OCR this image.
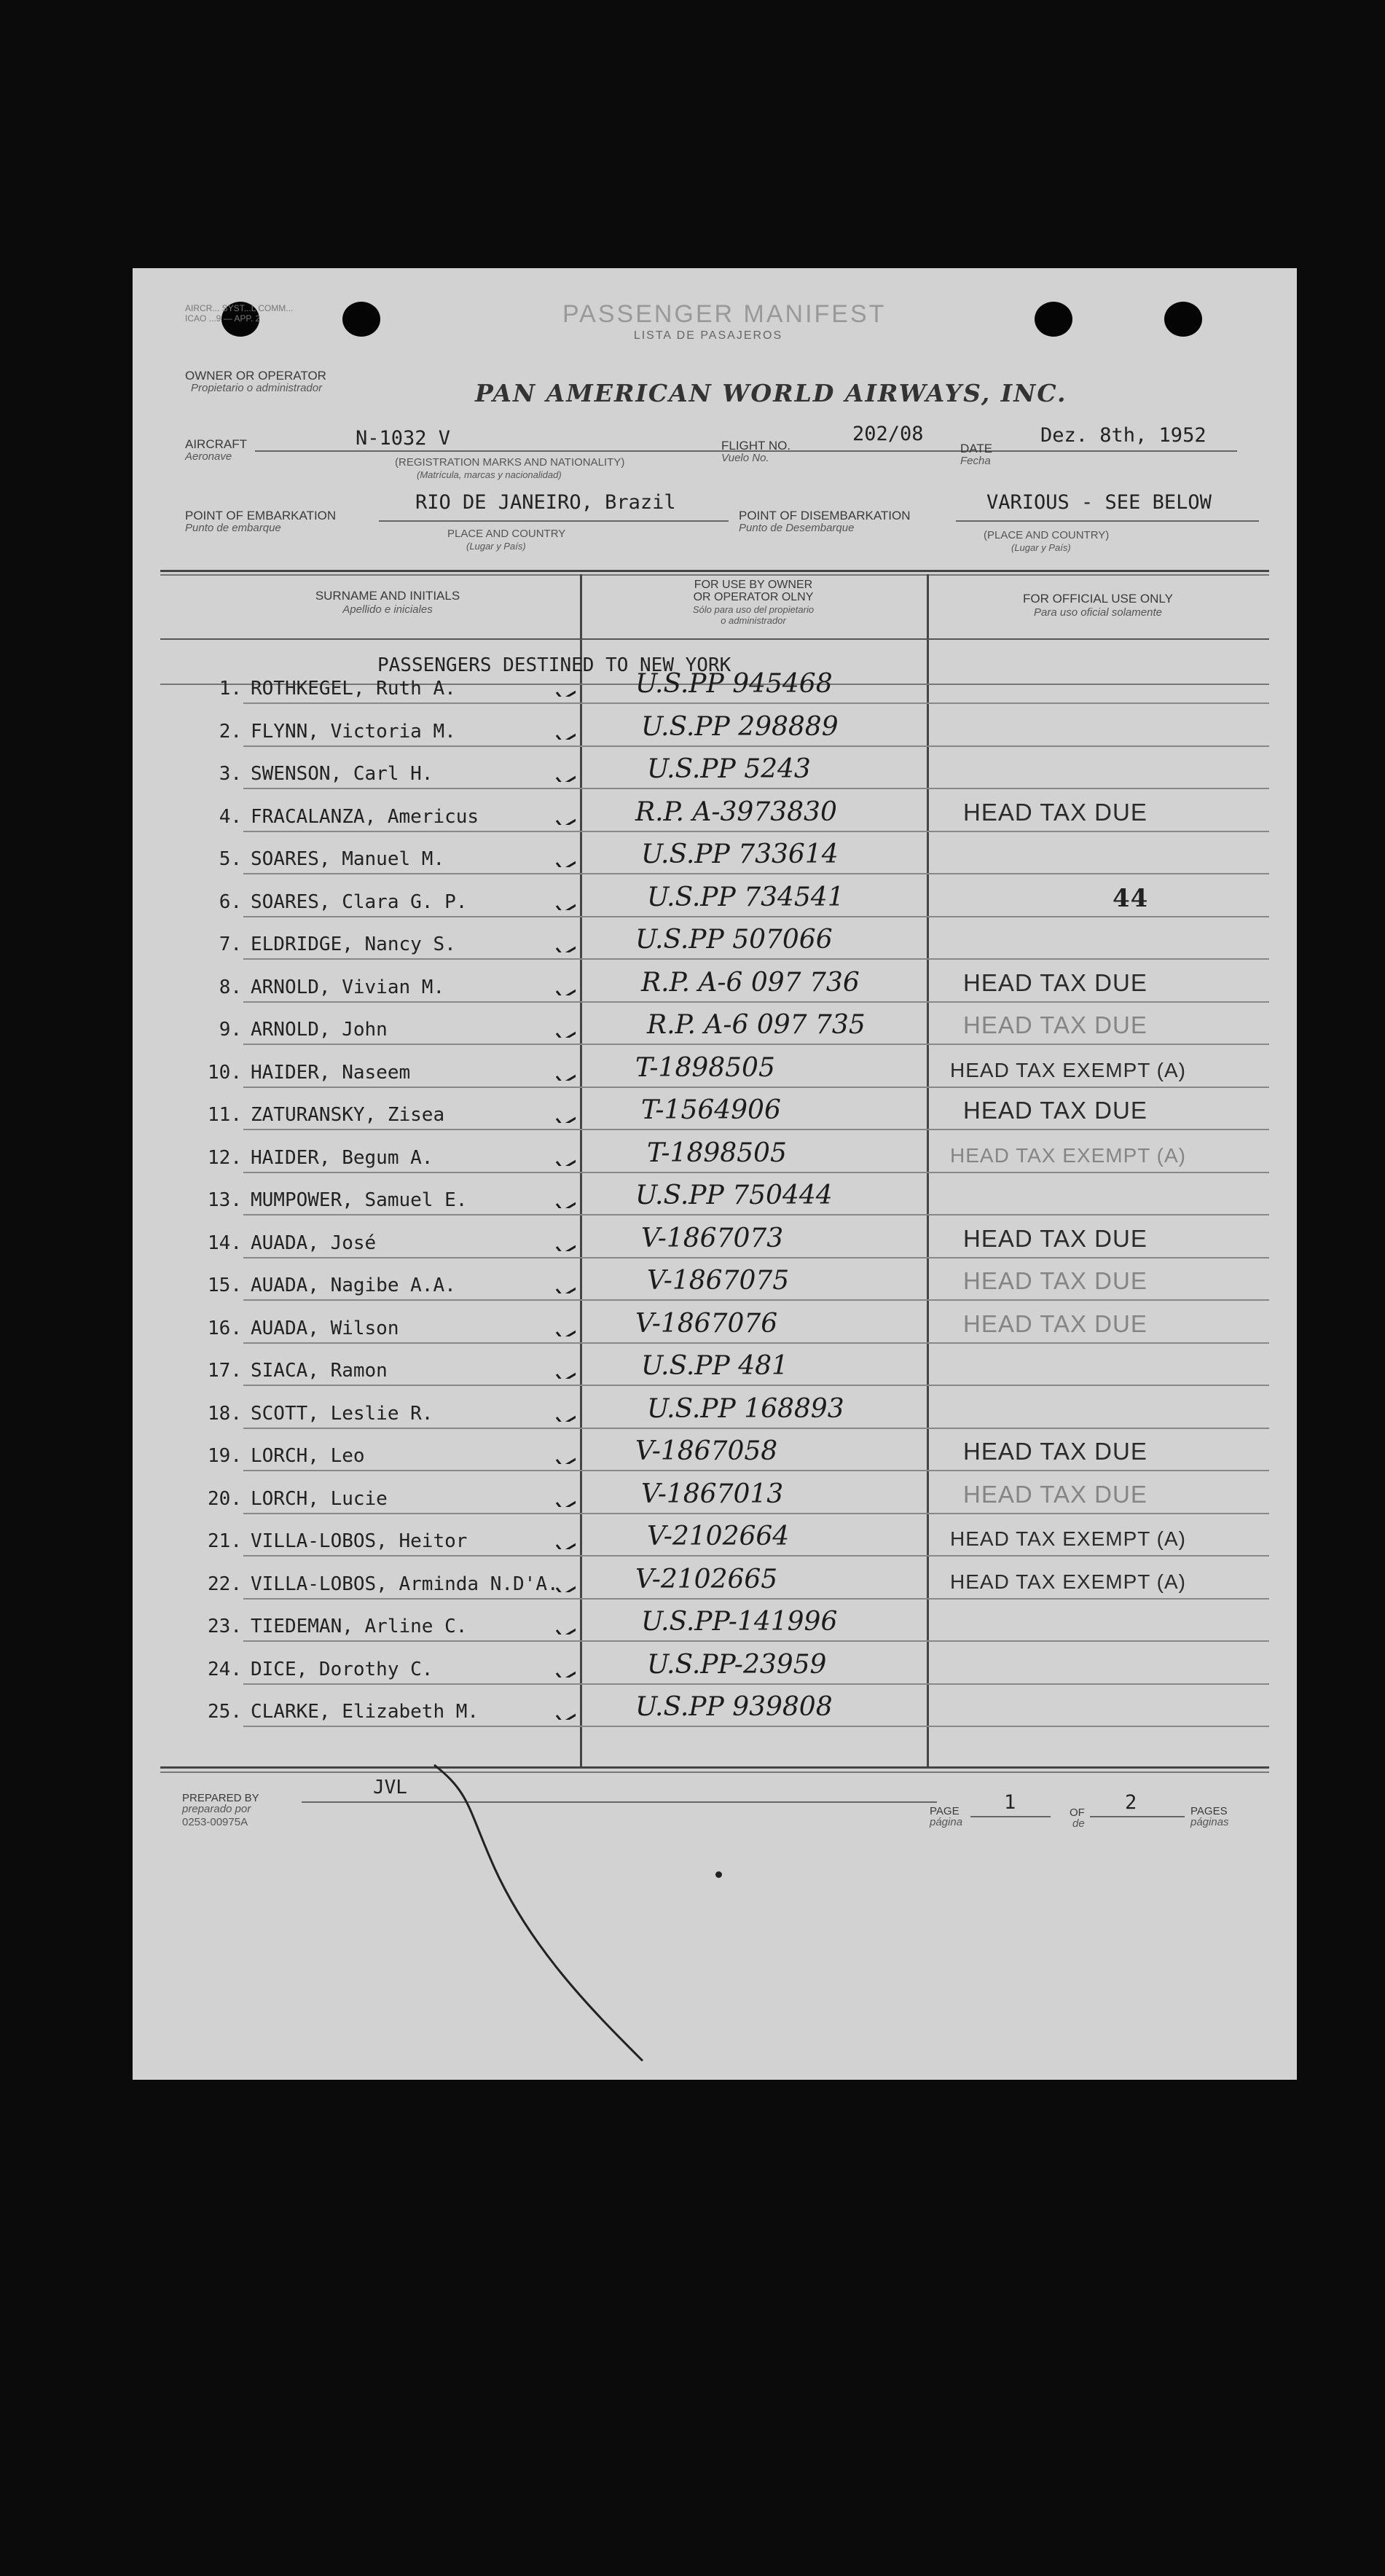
AIRCR... SYST...L COMM...
ICAO ...9 — APP. 2	PASSENGER MANIFEST
LISTA DE PASAJEROS
OWNER OR OPERATOR
Propietario o administrador	PAN AMERICAN WORLD AIRWAYS, INC.
AIRCRAFT
Aeronave
N-1032 V
(REGISTRATION MARKS AND NATIONALITY)
(Matrícula, marcas y nacionalidad)
FLIGHT NO.
Vuelo No.
202/08
DATE
Fecha
Dez. 8th, 1952
POINT OF EMBARKATION
Punto de embarque
RIO DE JANEIRO, Brazil
PLACE AND COUNTRY
(Lugar y País)
POINT OF DISEMBARKATION
Punto de Desembarque
VARIOUS - SEE BELOW
(PLACE AND COUNTRY)
(Lugar y País)
SURNAME AND INITIALS
Apellido e iniciales
FOR USE BY OWNER
OR OPERATOR OLNY
Sólo para uso del propietario
o administrador
FOR OFFICIAL USE ONLY
Para uso oficial solamente
PASSENGERS DESTINED TO NEW YORK
1. ROTHKEGEL, Ruth A.	U.S.PP 945468
2. FLYNN, Victoria M.	U.S.PP 298889
3. SWENSON, Carl H.	U.S.PP 5243
4. FRACALANZA, Americus	R.P. A-3973830	HEAD TAX DUE
5. SOARES, Manuel M.	U.S.PP 733614
6. SOARES, Clara G. P.	U.S.PP 734541	44
7. ELDRIDGE, Nancy S.	U.S.PP 507066
8. ARNOLD, Vivian M.	R.P. A-6 097 736	HEAD TAX DUE
9. ARNOLD, John	R.P. A-6 097 735	HEAD TAX DUE
10. HAIDER, Naseem	T-1898505	HEAD TAX EXEMPT (A)
11. ZATURANSKY, Zisea	T-1564906	HEAD TAX DUE
12. HAIDER, Begum A.	T-1898505	HEAD TAX EXEMPT (A)
13. MUMPOWER, Samuel E.	U.S.PP 750444
14. AUADA, José	V-1867073	HEAD TAX DUE
15. AUADA, Nagibe A.A.	V-1867075	HEAD TAX DUE
16. AUADA, Wilson	V-1867076	HEAD TAX DUE
17. SIACA, Ramon	U.S.PP 481
18. SCOTT, Leslie R.	U.S.PP 168893
19. LORCH, Leo	V-1867058	HEAD TAX DUE
20. LORCH, Lucie	V-1867013	HEAD TAX DUE
21. VILLA-LOBOS, Heitor	V-2102664	HEAD TAX EXEMPT (A)
22. VILLA-LOBOS, Arminda N.D'A.	V-2102665	HEAD TAX EXEMPT (A)
23. TIEDEMAN, Arline C.	U.S.PP-141996
24. DICE, Dorothy C.	U.S.PP-23959
25. CLARKE, Elizabeth M.	U.S.PP 939808
PREPARED BY
preparado por
0253-00975A
JVL
PAGE
página
1	OF
de
2	PAGES
páginas
